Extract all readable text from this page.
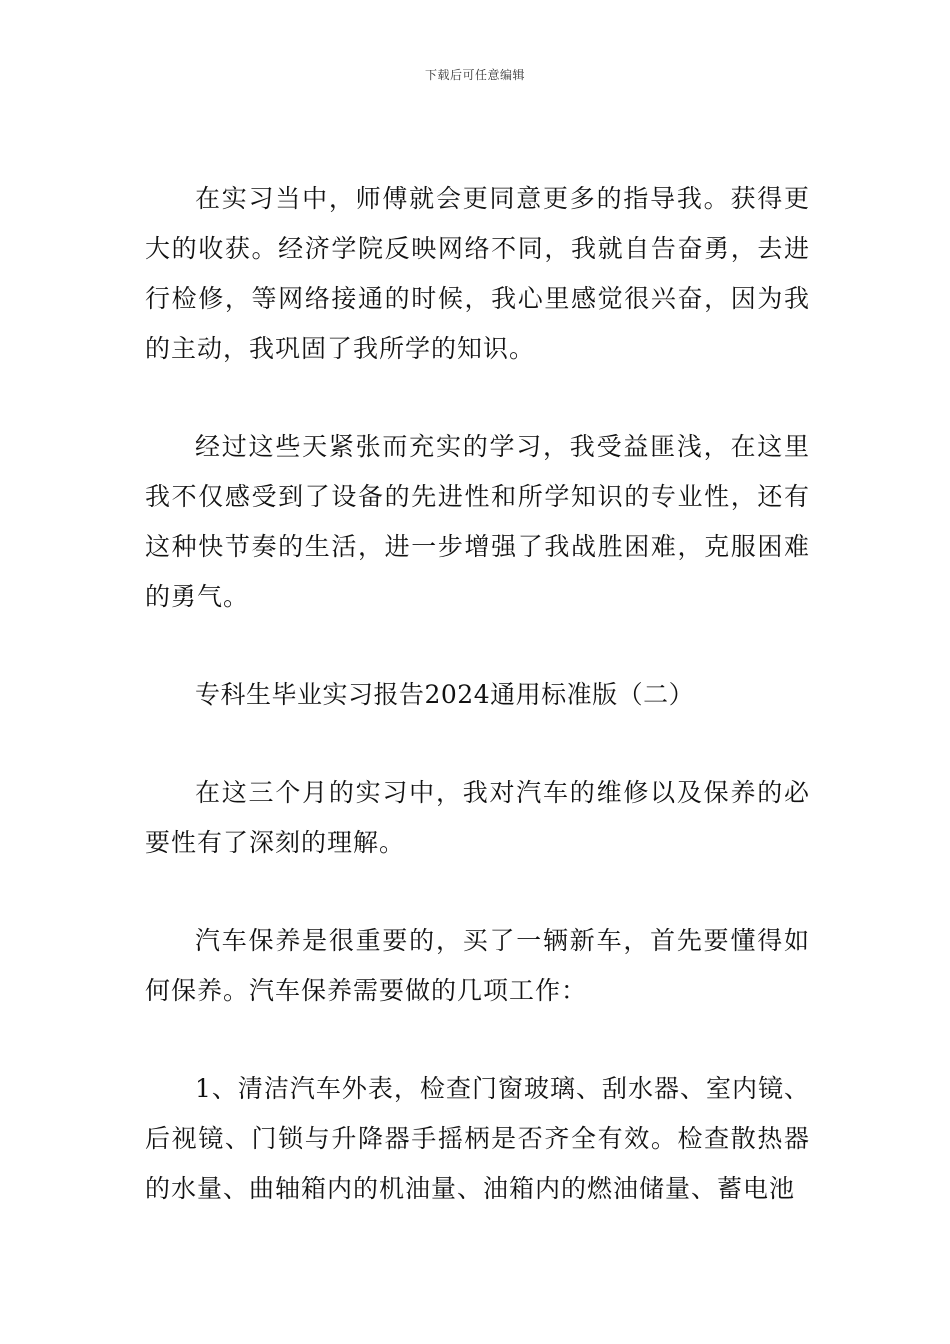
下载后可任意编辑

在实习当中，师傅就会更同意更多的指导我。获得更大的收获。经济学院反映网络不同，我就自告奋勇，去进行检修，等网络接通的时候，我心里感觉很兴奋，因为我的主动，我巩固了我所学的知识。

经过这些天紧张而充实的学习，我受益匪浅，在这里我不仅感受到了设备的先进性和所学知识的专业性，还有这种快节奏的生活，进一步增强了我战胜困难，克服困难的勇气。

专科生毕业实习报告2024通用标准版（二）

在这三个月的实习中，我对汽车的维修以及保养的必要性有了深刻的理解。

汽车保养是很重要的，买了一辆新车，首先要懂得如何保养。汽车保养需要做的几项工作：

1、清洁汽车外表，检查门窗玻璃、刮水器、室内镜、后视镜、门锁与升降器手摇柄是否齐全有效。检查散热器的水量、曲轴箱内的机油量、油箱内的燃油储量、蓄电池
